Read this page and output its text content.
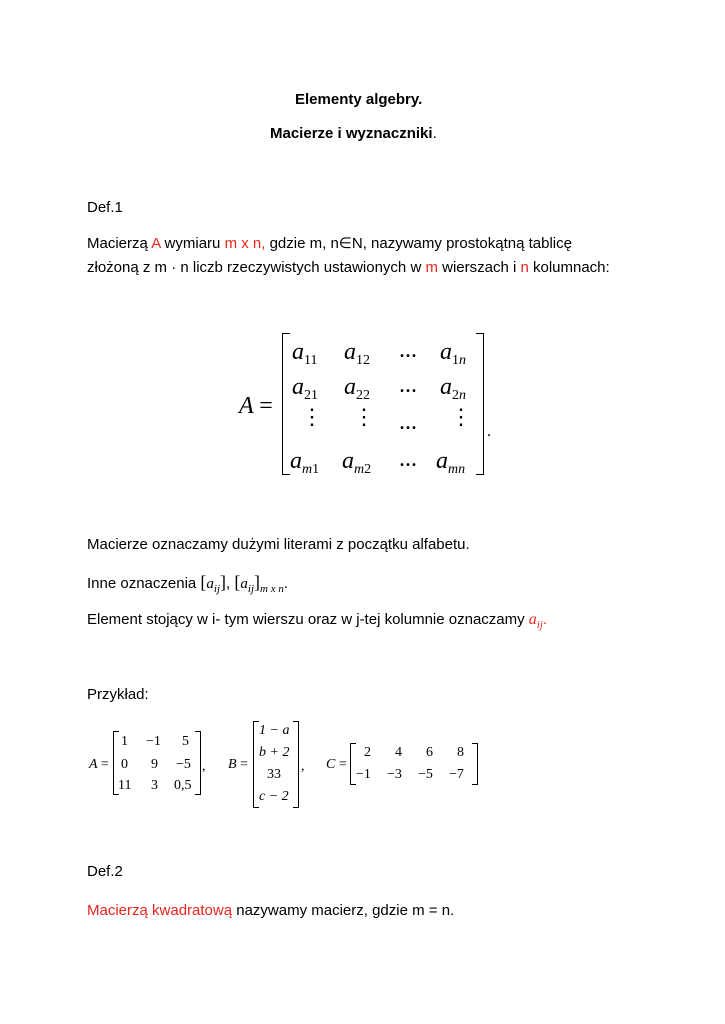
Elementy algebry.
Macierze i wyznaczniki.
Def.1
Macierzą A wymiaru m x n, gdzie m, n∈N, nazywamy prostokątną tablicę
złożoną z m · n liczb rzeczywistych ustawionych w m wierszach i n kolumnach:
A =
$a_{11}$ $a_{12}$ ... $a_{1n}$
$a_{21}$ $a_{22}$ ... $a_{2n}$
⋮ ⋮ ... ⋮
$a_{m1}$ $a_{m2}$ ... $a_{mn}$
.
Macierze oznaczamy dużymi literami z początku alfabetu.
Inne oznaczenia $[a_{ij}]$, $[a_{ij}]_{m x n}$.
Element stojący w i- tym wierszu oraz w j-tej kolumnie oznaczamy $a_{ij}$.
Przykład:
A =
1 −1 5
0 9 −5
11 3 0,5
, B =
1 − a
b + 2
33
c − 2
, C =
2 4 6 8
−1 −3 −5 −7
Def.2
Macierzą kwadratową nazywamy macierz, gdzie m = n.
